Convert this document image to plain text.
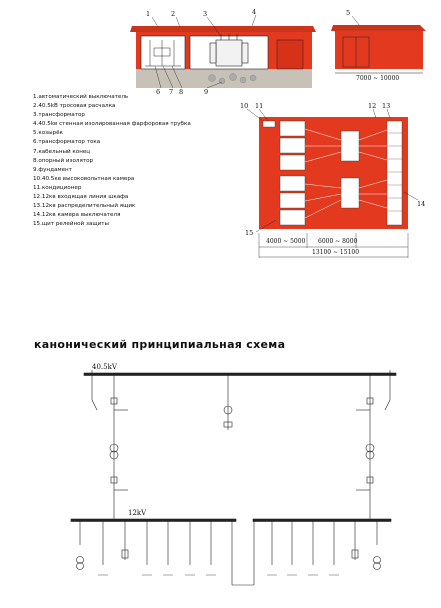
1	2	3	4	5
6 7 8	9
10 11	12 13
14
15
7000 ~ 10000
4000 ~ 5000 6000 ~ 8000
13100 ~ 15100
1.автоматический выключатель
2.40.5kB тросовая расчалка
3.трансформатор
4.40.5kв стенная изолированная фарфоровая трубка
5.козырёк
6.трансформатор тока
7.кабельный конец
8.опорный изолятор
9.фундамент
10.40.5кв высоковольтная камера
11.кондиционер
12.12кв входящая линия шкафа
13.12кв распределительный ящик
14.12кв камера выключателя
15.щит релейной защиты
канонический принципиальная схема
40.5kV
12kV
